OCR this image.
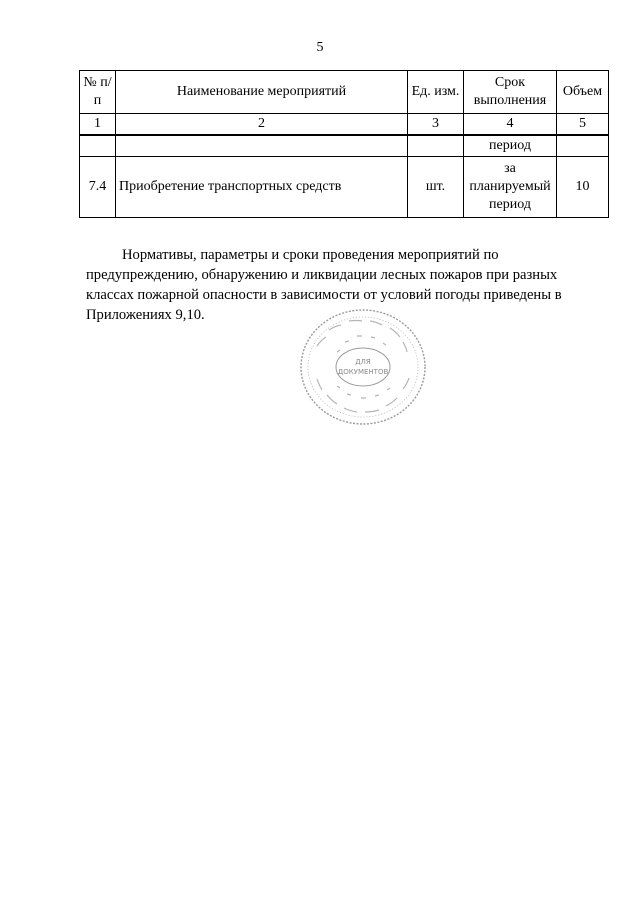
5
№ п/п	Наименование мероприятий	Ед. изм.	Срок выполнения	Объем
1	2	3	4	5
			период	
7.4	Приобретение транспортных средств	шт.	за планируемый период	10
Нормативы, параметры и сроки проведения мероприятий по предупреждению, обнаружению и ликвидации лесных пожаров при разных классах пожарной опасности в зависимости от условий погоды приведены в Приложениях 9,10.
ДЛЯ
ДОКУМЕНТОВ
